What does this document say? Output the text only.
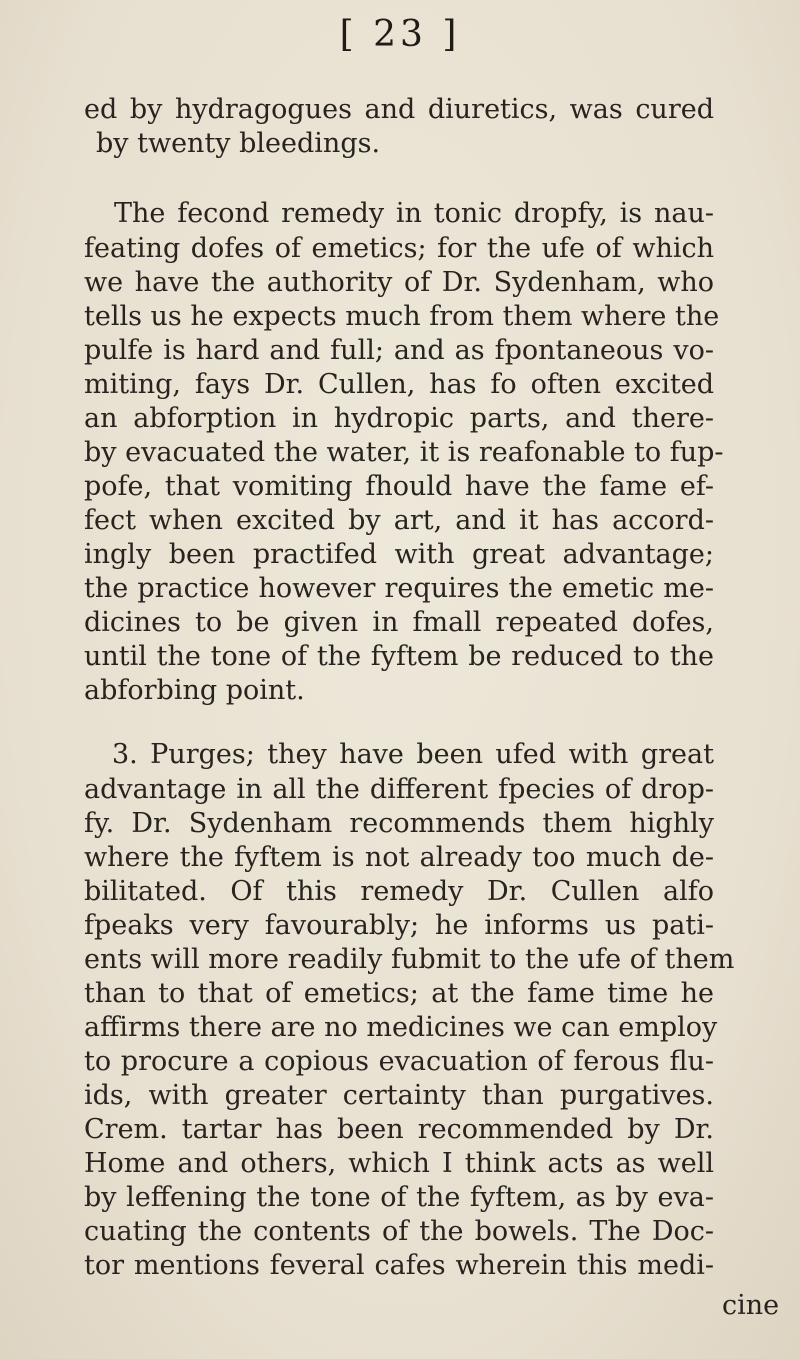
[ 23 ]
ed by hydragogues and diuretics, was cured
by twenty bleedings.
The fecond remedy in tonic dropfy, is nau-
feating dofes of emetics; for the ufe of which
we have the authority of Dr. Sydenham, who
tells us he expects much from them where the
pulfe is hard and full; and as fpontaneous vo-
miting, fays Dr. Cullen, has fo often excited
an abforption in hydropic parts, and there-
by evacuated the water, it is reafonable to fup-
pofe, that vomiting fhould have the fame ef-
fect when excited by art, and it has accord-
ingly been practifed with great advantage;
the practice however requires the emetic me-
dicines to be given in fmall repeated dofes,
until the tone of the fyftem be reduced to the
abforbing point.
3. Purges; they have been ufed with great
advantage in all the different fpecies of drop-
fy. Dr. Sydenham recommends them highly
where the fyftem is not already too much de-
bilitated. Of this remedy Dr. Cullen alfo
fpeaks very favourably; he informs us pati-
ents will more readily fubmit to the ufe of them
than to that of emetics; at the fame time he
affirms there are no medicines we can employ
to procure a copious evacuation of ferous flu-
ids, with greater certainty than purgatives.
Crem. tartar has been recommended by Dr.
Home and others, which I think acts as well
by leffening the tone of the fyftem, as by eva-
cuating the contents of the bowels. The Doc-
tor mentions feveral cafes wherein this medi-
cine
